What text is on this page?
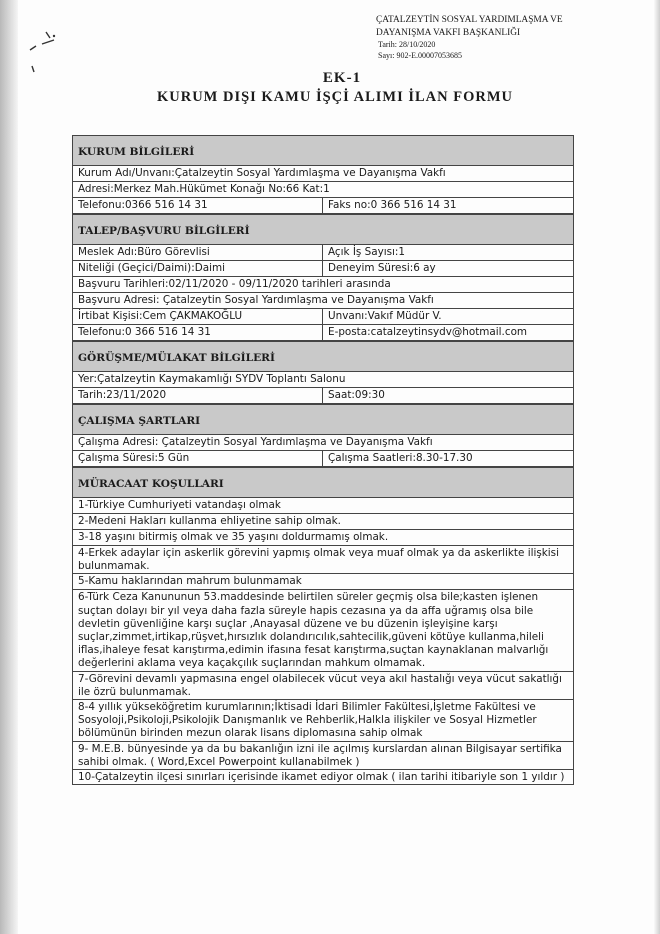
ÇATALZEYTİN SOSYAL YARDIMLAŞMA VE
DAYANIŞMA VAKFI BAŞKANLIĞI
Tarih: 28/10/2020
Sayı: 902-E.00007053685
EK-1
KURUM DIŞI KAMU İŞÇİ ALIMI İLAN FORMU
KURUM BİLGİLERİ
Kurum Adı/Unvanı:Çatalzeytin Sosyal Yardımlaşma ve Dayanışma Vakfı
Adresi:Merkez Mah.Hükümet Konağı No:66 Kat:1
Telefonu:0366 516 14 31	Faks no:0 366 516 14 31
TALEP/BAŞVURU BİLGİLERİ
Meslek Adı:Büro Görevlisi	Açık İş Sayısı:1
Niteliği (Geçici/Daimi):Daimi	Deneyim Süresi:6 ay
Başvuru Tarihleri:02/11/2020 - 09/11/2020 tarihleri arasında
Başvuru Adresi: Çatalzeytin Sosyal Yardımlaşma ve Dayanışma Vakfı
İrtibat Kişisi:Cem ÇAKMAKOĞLU	Unvanı:Vakıf Müdür V.
Telefonu:0 366 516 14 31	E-posta:catalzeytinsydv@hotmail.com
GÖRÜŞME/MÜLAKAT BİLGİLERİ
Yer:Çatalzeytin Kaymakamlığı SYDV Toplantı Salonu
Tarih:23/11/2020	Saat:09:30
ÇALIŞMA ŞARTLARI
Çalışma Adresi: Çatalzeytin Sosyal Yardımlaşma ve Dayanışma Vakfı
Çalışma Süresi:5 Gün	Çalışma Saatleri:8.30-17.30
MÜRACAAT KOŞULLARI
1-Türkiye Cumhuriyeti vatandaşı olmak
2-Medeni Hakları kullanma ehliyetine sahip olmak.
3-18 yaşını bitirmiş olmak ve 35 yaşını doldurmamış olmak.
4-Erkek adaylar için askerlik görevini yapmış olmak veya muaf olmak ya da askerlikte ilişkisi bulunmamak.
5-Kamu haklarından mahrum bulunmamak
6-Türk Ceza Kanununun 53.maddesinde belirtilen süreler geçmiş olsa bile;kasten işlenen suçtan dolayı bir yıl veya daha fazla süreyle hapis cezasına ya da affa uğramış olsa bile devletin güvenliğine karşı suçlar ,Anayasal düzene ve bu düzenin işleyişine karşı suçlar,zimmet,irtikap,rüşvet,hırsızlık dolandırıcılık,sahtecilik,güveni kötüye kullanma,hileli iflas,ihaleye fesat karıştırma,edimin ifasına fesat karıştırma,suçtan kaynaklanan malvarlığı değerlerini aklama veya kaçakçılık suçlarından mahkum olmamak.
7-Görevini devamlı yapmasına engel olabilecek vücut veya akıl hastalığı veya vücut sakatlığı ile özrü bulunmamak.
8-4 yıllık yükseköğretim kurumlarının;İktisadi İdari Bilimler Fakültesi,İşletme Fakültesi ve Sosyoloji,Psikoloji,Psikolojik Danışmanlık ve Rehberlik,Halkla ilişkiler ve Sosyal Hizmetler bölümünün birinden mezun olarak lisans diplomasına sahip olmak
9- M.E.B. bünyesinde ya da bu bakanlığın izni ile açılmış kurslardan alınan Bilgisayar sertifika sahibi olmak. ( Word,Excel Powerpoint kullanabilmek )
10-Çatalzeytin ilçesi sınırları içerisinde ikamet ediyor olmak ( ilan tarihi itibariyle son 1 yıldır )
